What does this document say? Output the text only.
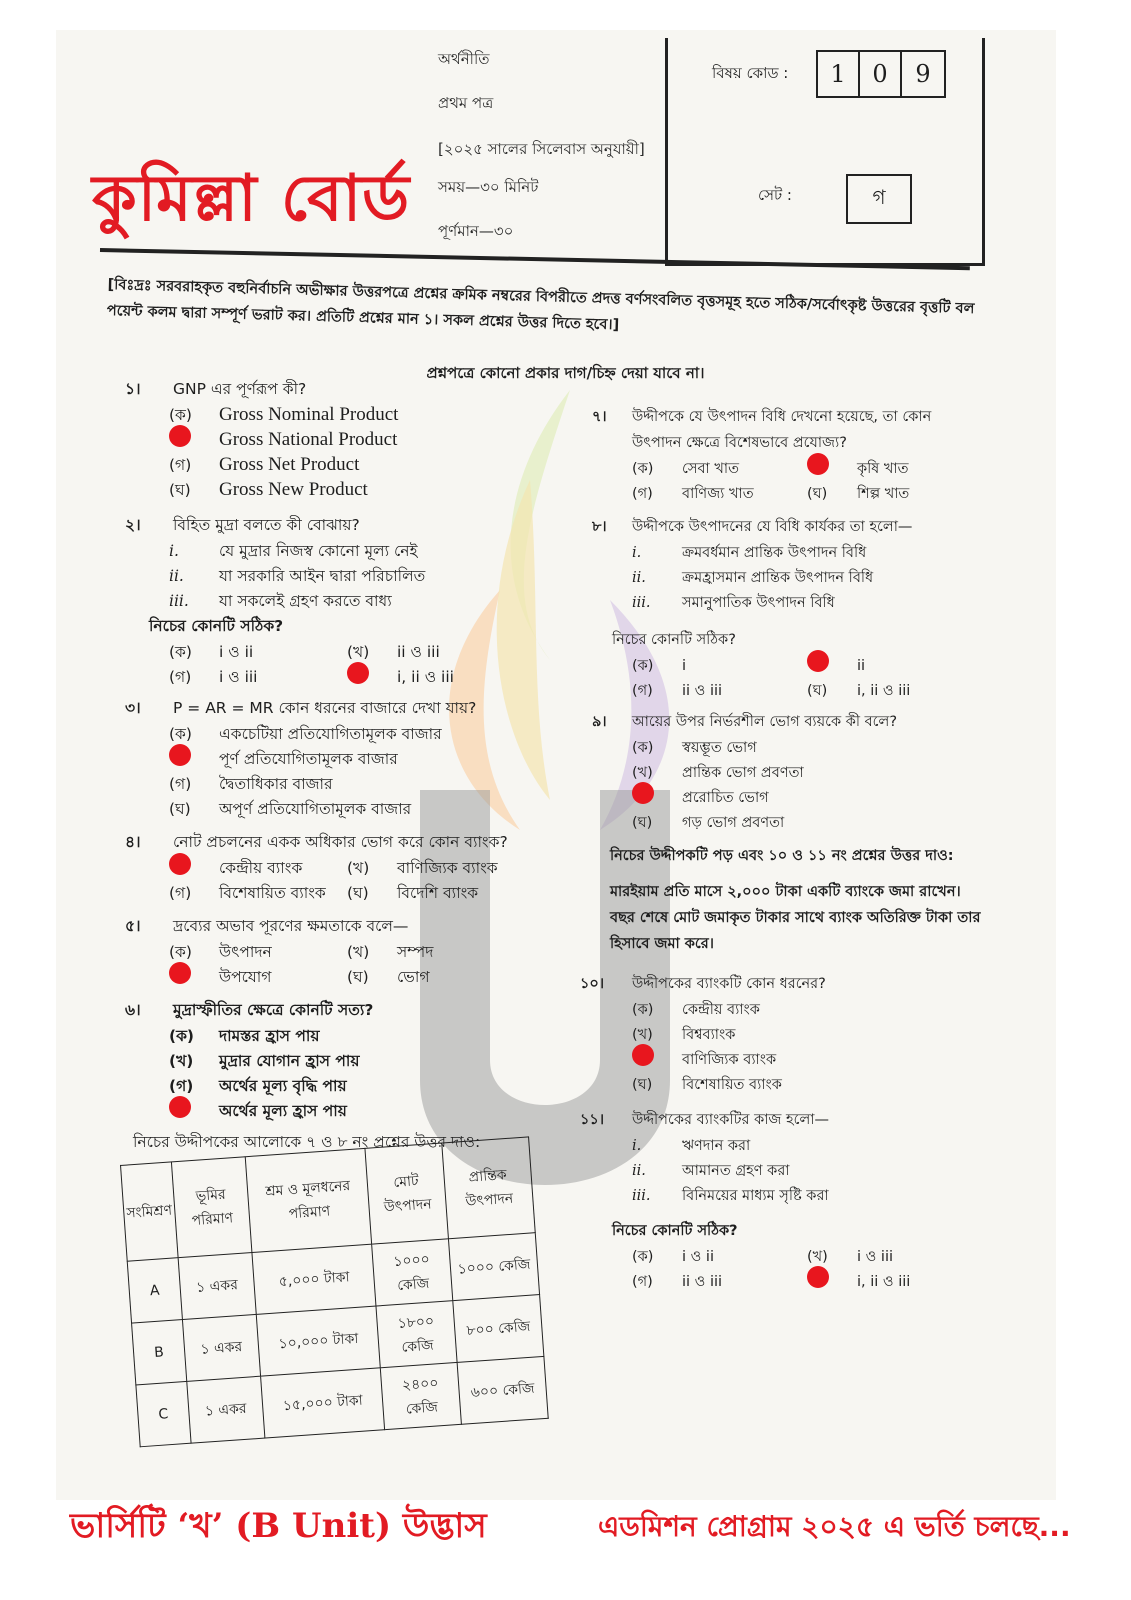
কুমিল্লা বোর্ড
অর্থনীতি
প্রথম পত্র
[২০২৫ সালের সিলেবাস অনুযায়ী]
সময়—৩০ মিনিট
পূর্ণমান—৩০
বিষয় কোড :	1	0	9
সেট :	গ
[বিঃদ্রঃ সরবরাহকৃত বহুনির্বাচনি অভীক্ষার উত্তরপত্রে প্রশ্নের ক্রমিক নম্বরের বিপরীতে প্রদত্ত বর্ণসংবলিত বৃত্তসমূহ হতে সঠিক/সর্বোৎকৃষ্ট উত্তরের বৃত্তটি বল পয়েন্ট কলম দ্বারা সম্পূর্ণ ভরাট কর। প্রতিটি প্রশ্নের মান ১। সকল প্রশ্নের উত্তর দিতে হবে।]
প্রশ্নপত্রে কোনো প্রকার দাগ/চিহ্ন দেয়া যাবে না।
১।	GNP এর পূর্ণরূপ কী?
(ক)	Gross Nominal Product
Gross National Product
(গ)	Gross Net Product
(ঘ)	Gross New Product
২।	বিহিত মুদ্রা বলতে কী বোঝায়?
i.	যে মুদ্রার নিজস্ব কোনো মূল্য নেই
ii.	যা সরকারি আইন দ্বারা পরিচালিত
iii.	যা সকলেই গ্রহণ করতে বাধ্য
নিচের কোনটি সঠিক?
(ক)	i ও ii	(খ)	ii ও iii
(গ)	i ও iii	i, ii ও iii
৩।	P = AR = MR কোন ধরনের বাজারে দেখা যায়?
(ক)	একচেটিয়া প্রতিযোগিতামূলক বাজার
পূর্ণ প্রতিযোগিতামূলক বাজার
(গ)	দ্বৈতাধিকার বাজার
(ঘ)	অপূর্ণ প্রতিযোগিতামূলক বাজার
৪।	নোট প্রচলনের একক অধিকার ভোগ করে কোন ব্যাংক?
কেন্দ্রীয় ব্যাংক	(খ)	বাণিজ্যিক ব্যাংক
(গ)	বিশেষায়িত ব্যাংক (ঘ)	বিদেশি ব্যাংক
৫।	দ্রব্যের অভাব পূরণের ক্ষমতাকে বলে—
(ক)	উৎপাদন	(খ)	সম্পদ
উপযোগ	(ঘ)	ভোগ
৬।	মুদ্রাস্ফীতির ক্ষেত্রে কোনটি সত্য?
(ক)	দামস্তর হ্রাস পায়
(খ)	মুদ্রার যোগান হ্রাস পায়
(গ)	অর্থের মূল্য বৃদ্ধি পায়
অর্থের মূল্য হ্রাস পায়
নিচের উদ্দীপকের আলোকে ৭ ও ৮ নং প্রশ্নের উত্তর দাও:
সংমিশ্রণ	ভূমির পরিমাণ	শ্রম ও মূলধনের পরিমাণ	মোট উৎপাদন	প্রান্তিক উৎপাদন
A	১ একর	৫,০০০ টাকা	১০০০ কেজি	১০০০ কেজি
B	১ একর	১০,০০০ টাকা	১৮০০ কেজি	৮০০ কেজি
C	১ একর	১৫,০০০ টাকা	২৪০০ কেজি	৬০০ কেজি
৭।	উদ্দীপকে যে উৎপাদন বিধি দেখনো হয়েছে, তা কোন উৎপাদন ক্ষেত্রে বিশেষভাবে প্রযোজ্য?
(ক)	সেবা খাত	কৃষি খাত
(গ)	বাণিজ্য খাত	(ঘ)	শিল্প খাত
৮।	উদ্দীপকে উৎপাদনের যে বিধি কার্যকর তা হলো—
i.	ক্রমবর্ধমান প্রান্তিক উৎপাদন বিধি
ii.	ক্রমহ্রাসমান প্রান্তিক উৎপাদন বিধি
iii.	সমানুপাতিক উৎপাদন বিধি
নিচের কোনটি সঠিক?
(ক)	i	ii
(গ)	ii ও iii	(ঘ)	i, ii ও iii
৯।	আয়ের উপর নির্ভরশীল ভোগ ব্যয়কে কী বলে?
(ক)	স্বয়ম্ভূত ভোগ
(খ)	প্রান্তিক ভোগ প্রবণতা
প্ররোচিত ভোগ
(ঘ)	গড় ভোগ প্রবণতা
নিচের উদ্দীপকটি পড় এবং ১০ ও ১১ নং প্রশ্নের উত্তর দাও:
মারইয়াম প্রতি মাসে ২,০০০ টাকা একটি ব্যাংকে জমা রাখেন। বছর শেষে মোট জমাকৃত টাকার সাথে ব্যাংক অতিরিক্ত টাকা তার হিসাবে জমা করে।
১০।	উদ্দীপকের ব্যাংকটি কোন ধরনের?
(ক)	কেন্দ্রীয় ব্যাংক
(খ)	বিশ্বব্যাংক
বাণিজ্যিক ব্যাংক
(ঘ)	বিশেষায়িত ব্যাংক
১১।	উদ্দীপকের ব্যাংকটির কাজ হলো—
i.	ঋণদান করা
ii.	আমানত গ্রহণ করা
iii.	বিনিময়ের মাধ্যম সৃষ্টি করা
নিচের কোনটি সঠিক?
(ক)	i ও ii	(খ)	i ও iii
(গ)	ii ও iii	i, ii ও iii
ভার্সিটি ‘খ’ (B Unit) উদ্ভাস	এডমিশন প্রোগ্রাম ২০২৫ এ ভর্তি চলছে...
